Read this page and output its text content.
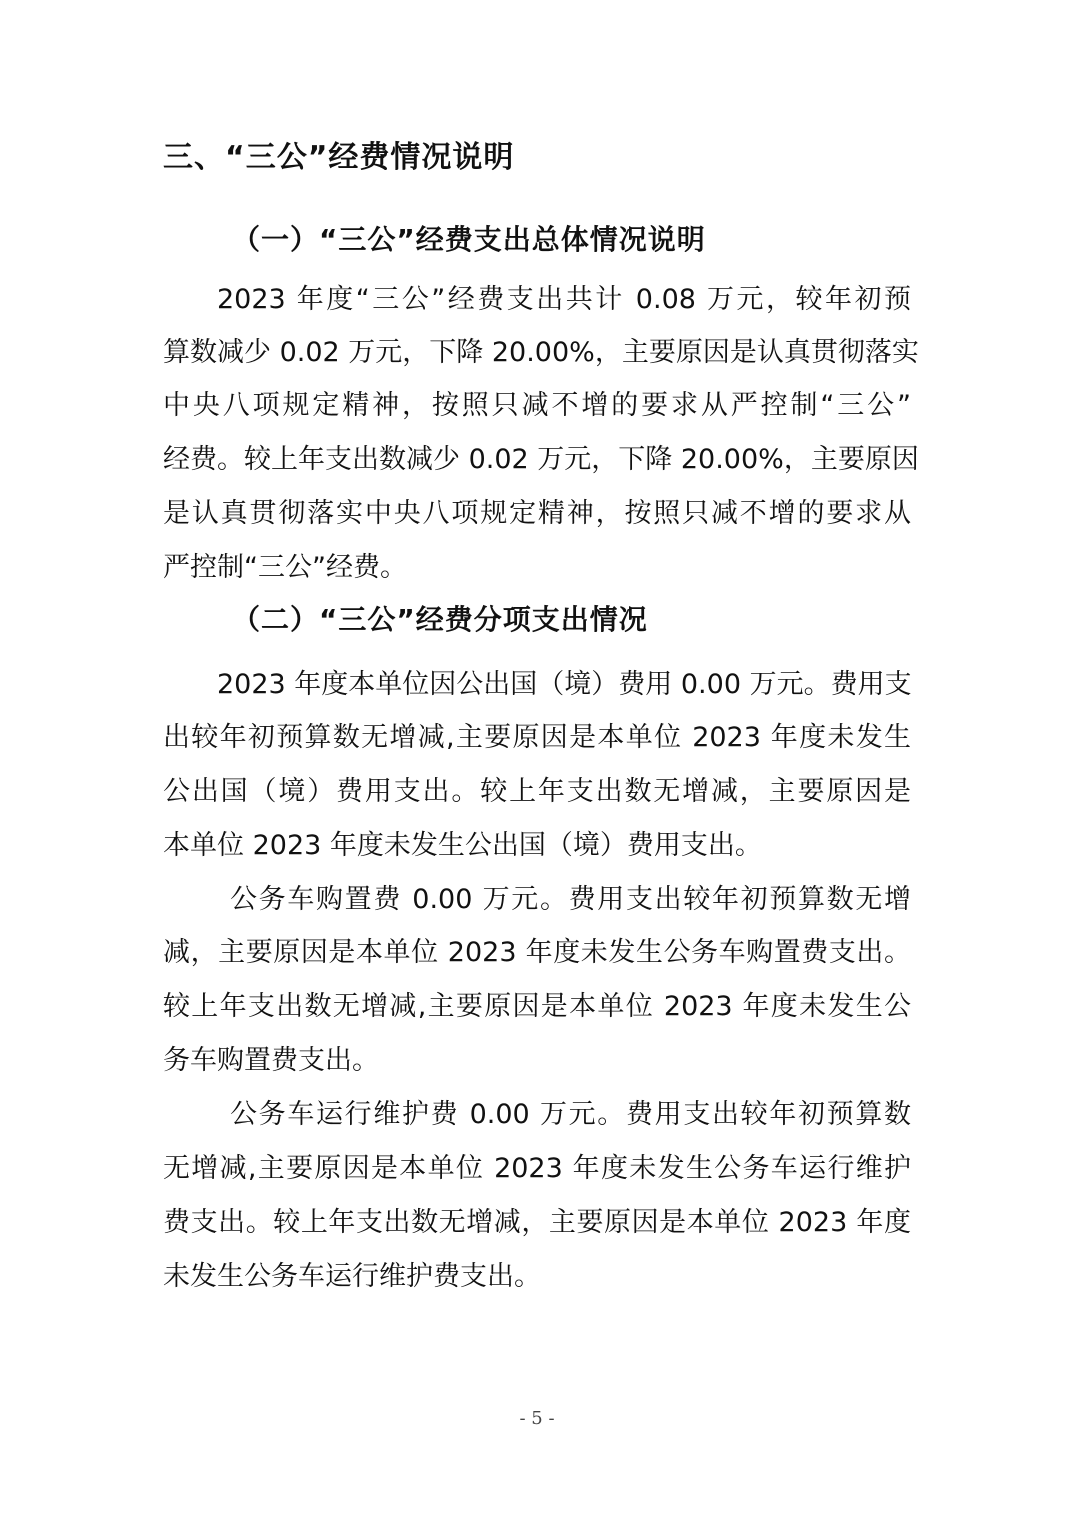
三、“三公”经费情况说明
（一）“三公”经费支出总体情况说明
2023 年度“三公”经费支出共计 0.08 万元，较年初预
算数减少 0.02 万元，下降 20.00%，主要原因是认真贯彻落实
中央八项规定精神，按照只减不增的要求从严控制“三公”
经费。较上年支出数减少 0.02 万元，下降 20.00%，主要原因
是认真贯彻落实中央八项规定精神，按照只减不增的要求从
严控制“三公”经费。
（二）“三公”经费分项支出情况
2023 年度本单位因公出国（境）费用 0.00 万元。费用支
出较年初预算数无增减,主要原因是本单位 2023 年度未发生
公出国（境）费用支出。较上年支出数无增减，主要原因是
本单位 2023 年度未发生公出国（境）费用支出。
公务车购置费 0.00 万元。费用支出较年初预算数无增
减，主要原因是本单位 2023 年度未发生公务车购置费支出。
较上年支出数无增减,主要原因是本单位 2023 年度未发生公
务车购置费支出。
公务车运行维护费 0.00 万元。费用支出较年初预算数
无增减,主要原因是本单位 2023 年度未发生公务车运行维护
费支出。较上年支出数无增减，主要原因是本单位 2023 年度
未发生公务车运行维护费支出。
- 5 -
